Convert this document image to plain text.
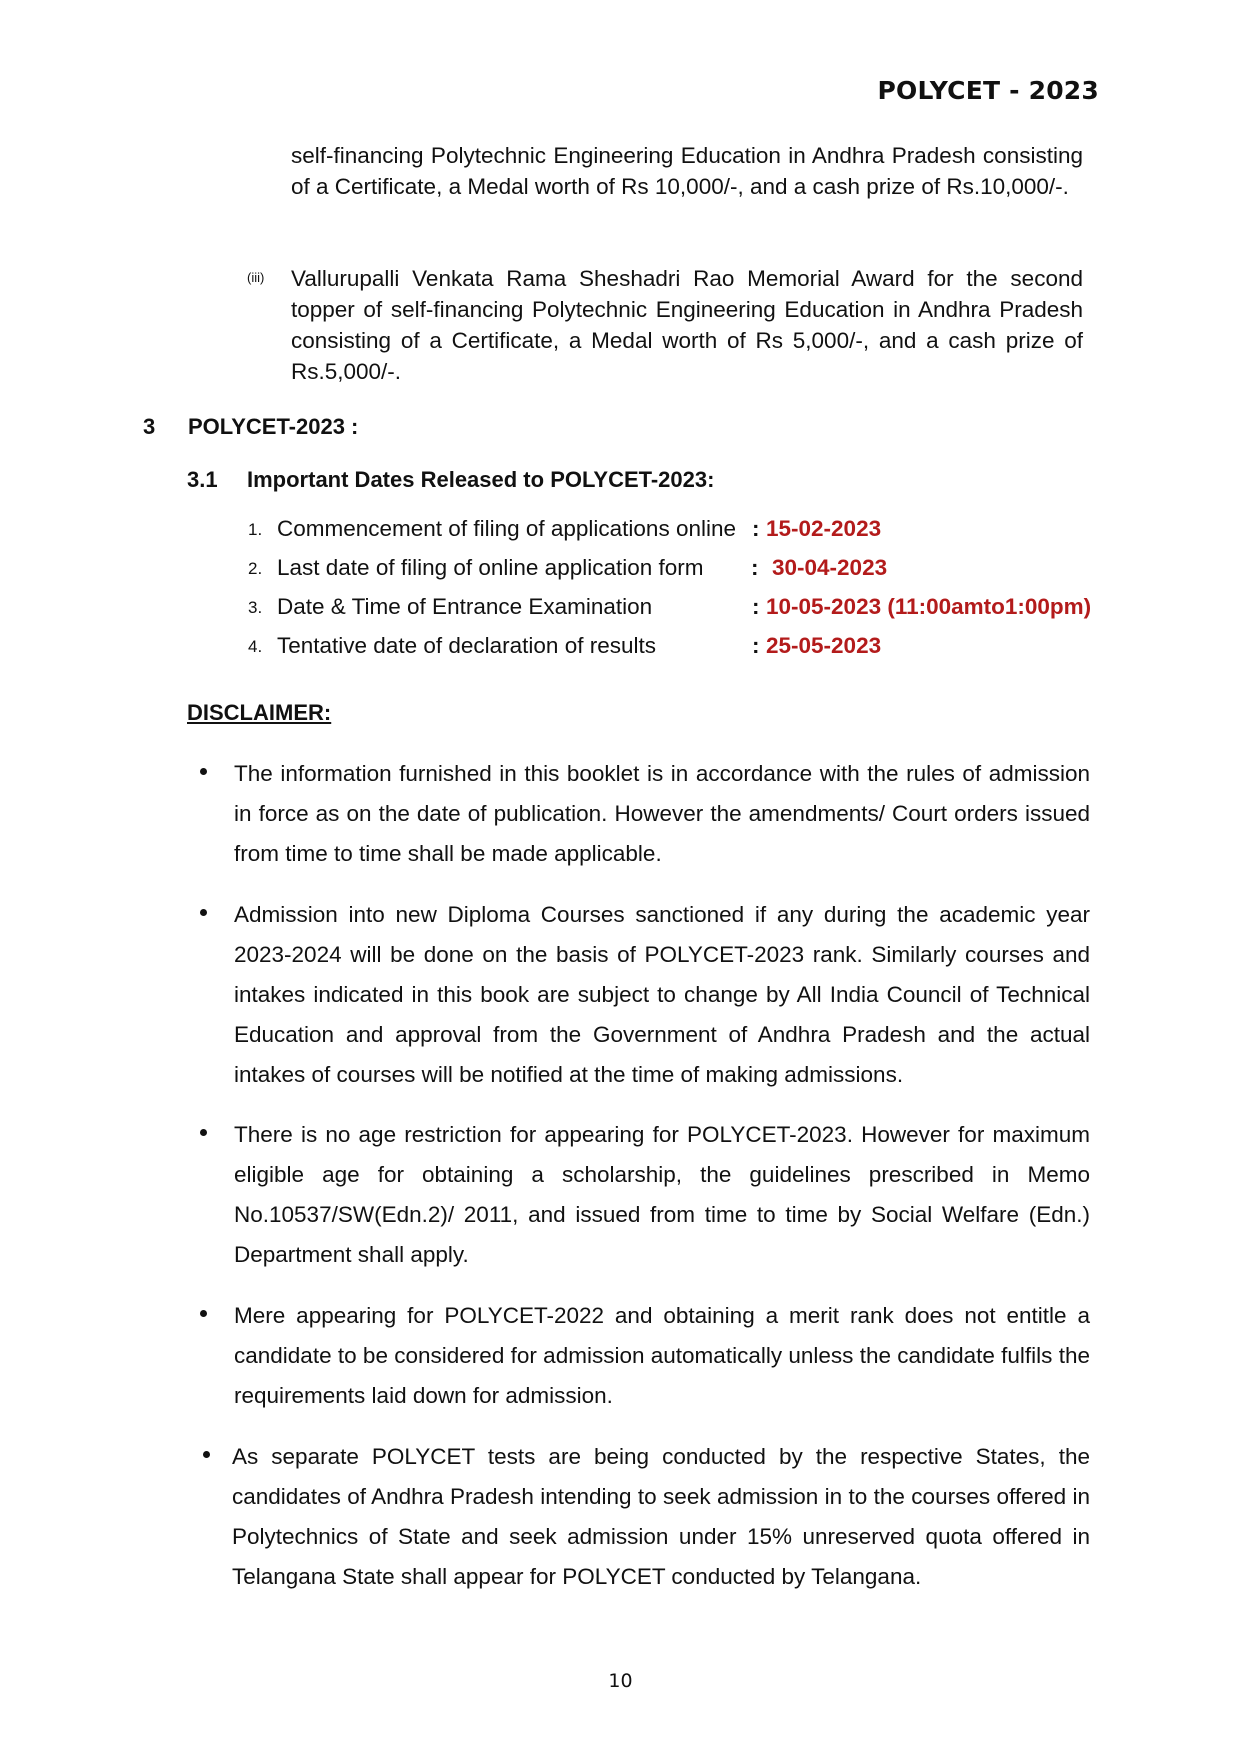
POLYCET - 2023
self-financing Polytechnic Engineering Education in Andhra Pradesh consisting of a Certificate, a Medal worth of Rs 10,000/-, and a cash prize of Rs.10,000/-.
(iii) Vallurupalli Venkata Rama Sheshadri Rao Memorial Award for the second topper of self-financing Polytechnic Engineering Education in Andhra Pradesh consisting of a Certificate, a Medal worth of Rs 5,000/-, and a cash prize of Rs.5,000/-.
3 POLYCET-2023 :
3.1 Important Dates Released to POLYCET-2023:
1. Commencement of filing of applications online : 15-02-2023
2. Last date of filing of online application form : 30-04-2023
3. Date & Time of Entrance Examination	: 10-05-2023 (11:00amto1:00pm)
4. Tentative date of declaration of results	: 25-05-2023
DISCLAIMER:
The information furnished in this booklet is in accordance with the rules of admission in force as on the date of publication. However the amendments/ Court orders issued from time to time shall be made applicable.
Admission into new Diploma Courses sanctioned if any during the academic year 2023-2024 will be done on the basis of POLYCET-2023 rank. Similarly courses and intakes indicated in this book are subject to change by All India Council of Technical Education and approval from the Government of Andhra Pradesh and the actual intakes of courses will be notified at the time of making admissions.
There is no age restriction for appearing for POLYCET-2023. However for maximum eligible age for obtaining a scholarship, the guidelines prescribed in Memo No.10537/SW(Edn.2)/ 2011, and issued from time to time by Social Welfare (Edn.) Department shall apply.
Mere appearing for POLYCET-2022 and obtaining a merit rank does not entitle a candidate to be considered for admission automatically unless the candidate fulfils the requirements laid down for admission.
As separate POLYCET tests are being conducted by the respective States, the candidates of Andhra Pradesh intending to seek admission in to the courses offered in Polytechnics of State and seek admission under 15% unreserved quota offered in Telangana State shall appear for POLYCET conducted by Telangana.
10
